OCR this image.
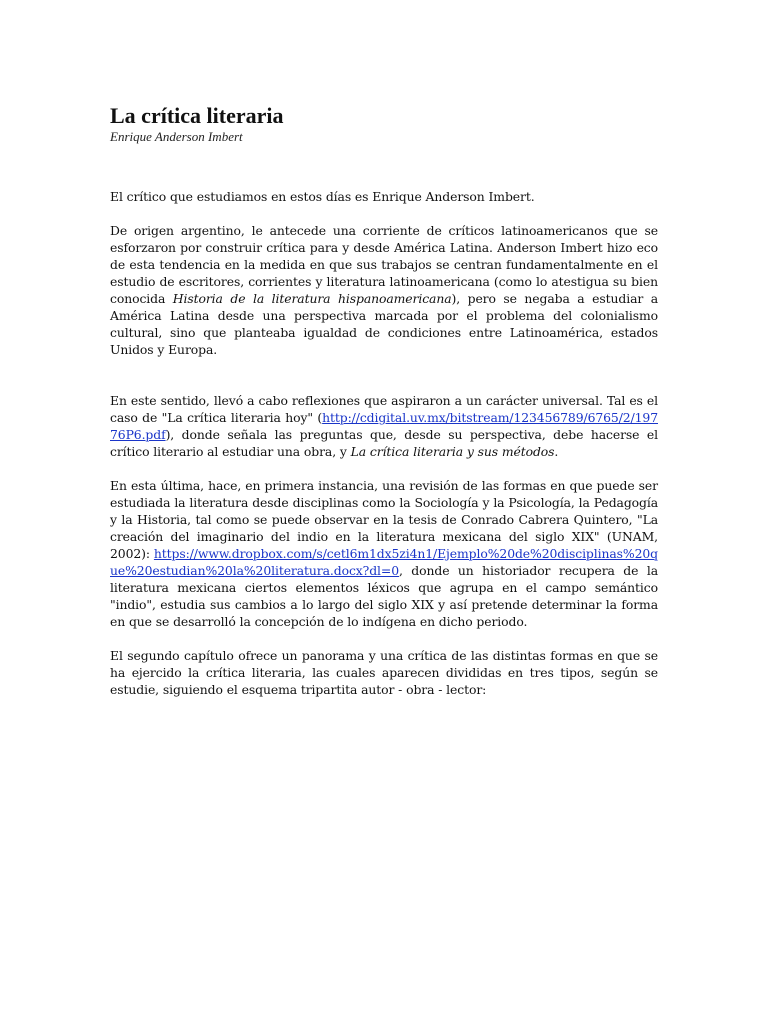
La crítica literaria
Enrique Anderson Imbert

El crítico que estudiamos en estos días es Enrique Anderson Imbert.

De origen argentino, le antecede una corriente de críticos latinoamericanos que se esforzaron por construir crítica para y desde América Latina. Anderson Imbert hizo eco de esta tendencia en la medida en que sus trabajos se centran fundamentalmente en el estudio de escritores, corrientes y literatura latinoamericana (como lo atestigua su bien conocida Historia de la literatura hispanoamericana), pero se negaba a estudiar a América Latina desde una perspectiva marcada por el problema del colonialismo cultural, sino que planteaba igualdad de condiciones entre Latinoamérica, estados Unidos y Europa.

En este sentido, llevó a cabo reflexiones que aspiraron a un carácter universal. Tal es el caso de "La crítica literaria hoy" (http://cdigital.uv.mx/bitstream/123456789/6765/2/19776P6.pdf), donde señala las preguntas que, desde su perspectiva, debe hacerse el crítico literario al estudiar una obra, y La crítica literaria y sus métodos.

En esta última, hace, en primera instancia, una revisión de las formas en que puede ser estudiada la literatura desde disciplinas como la Sociología y la Psicología, la Pedagogía y la Historia, tal como se puede observar en la tesis de Conrado Cabrera Quintero, "La creación del imaginario del indio en la literatura mexicana del siglo XIX" (UNAM, 2002): https://www.dropbox.com/s/cetl6m1dx5zi4n1/Ejemplo%20de%20disciplinas%20que%20estudian%20la%20literatura.docx?dl=0, donde un historiador recupera de la literatura mexicana ciertos elementos léxicos que agrupa en el campo semántico "indio", estudia sus cambios a lo largo del siglo XIX y así pretende determinar la forma en que se desarrolló la concepción de lo indígena en dicho periodo.

El segundo capítulo ofrece un panorama y una crítica de las distintas formas en que se ha ejercido la crítica literaria, las cuales aparecen divididas en tres tipos, según se estudie, siguiendo el esquema tripartita autor - obra - lector:
